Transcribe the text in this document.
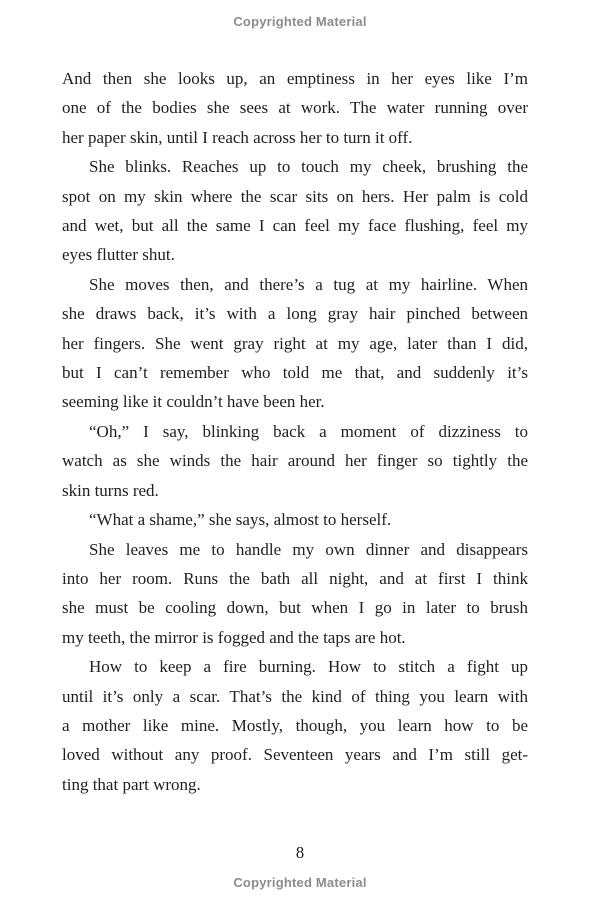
Copyrighted Material
And then she looks up, an emptiness in her eyes like I’m
one of the bodies she sees at work. The water running over
her paper skin, until I reach across her to turn it off.
She blinks. Reaches up to touch my cheek, brushing the
spot on my skin where the scar sits on hers. Her palm is cold
and wet, but all the same I can feel my face flushing, feel my
eyes flutter shut.
She moves then, and there’s a tug at my hairline. When
she draws back, it’s with a long gray hair pinched between
her fingers. She went gray right at my age, later than I did,
but I can’t remember who told me that, and suddenly it’s
seeming like it couldn’t have been her.
“Oh,” I say, blinking back a moment of dizziness to
watch as she winds the hair around her finger so tightly the
skin turns red.
“What a shame,” she says, almost to herself.
She leaves me to handle my own dinner and disappears
into her room. Runs the bath all night, and at first I think
she must be cooling down, but when I go in later to brush
my teeth, the mirror is fogged and the taps are hot.
How to keep a fire burning. How to stitch a fight up
until it’s only a scar. That’s the kind of thing you learn with
a mother like mine. Mostly, though, you learn how to be
loved without any proof. Seventeen years and I’m still get-
ting that part wrong.
8
Copyrighted Material
